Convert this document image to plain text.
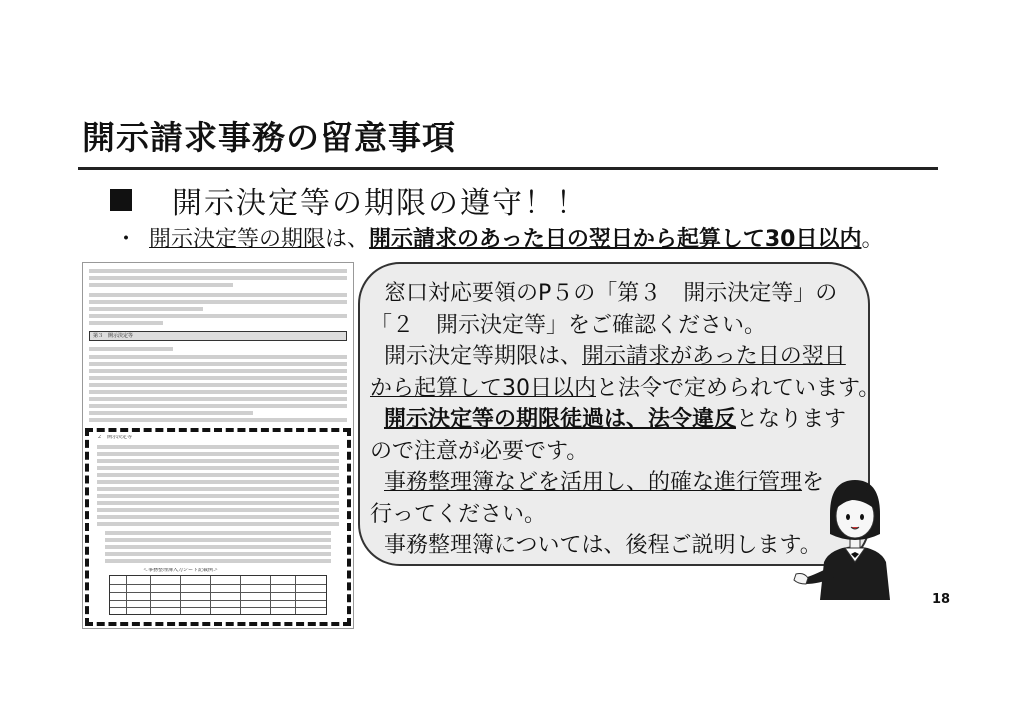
開示請求事務の留意事項
開示決定等の期限の遵守！！
・ 開示決定等の期限 は、 開示請求のあった日の翌日から起算して30日以内 。
第３　開示決定等
２　開示決定等
＜事務整理簿入力シート記載例＞
窓口対応要領のP５の「第３　開示決定等」の
「２　開示決定等」をご確認ください。
開示決定等期限は、開示請求があった日の翌日
から起算して30日以内と法令で定められています。
開示決定等の期限徒過は、法令違反となります
ので注意が必要です。
事務整理簿などを活用し、的確な進行管理を
行ってください。
事務整理簿については、後程ご説明します。
18
